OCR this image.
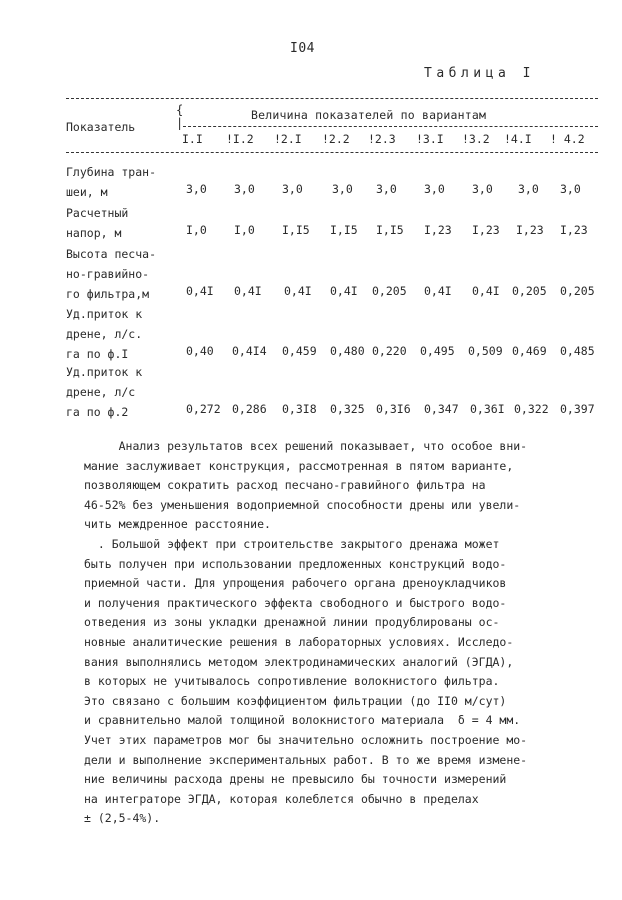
I04
Таблица I
Показатель
{
|
Величина показателей по вариантам
I.I !I.2 !2.I !2.2 !2.3 !3.I !3.2 !4.I ! 4.2
Глубина тран-
шеи, м	3,0 3,0 3,0	3,0 3,0 3,0 3,0 3,0 3,0
Расчетный
напор, м	I,0 I,0 I,I5 I,I5 I,I5 I,23 I,23 I,23 I,23
Высота песча-
но-гравийно-
го фильтра,м	0,4I 0,4I 0,4I 0,4I 0,205 0,4I 0,4I 0,205 0,205
Уд.приток к
дрене, л/с.
га по ф.I	0,40 0,4I4 0,459 0,480 0,220 0,495 0,509 0,469 0,485
Уд.приток к
дрене, л/с
га по ф.2	0,272 0,286 0,3I8 0,325 0,3I6 0,347 0,36I 0,322 0,397
Анализ результатов всех решений показывает, что особое вни-
мание заслуживает конструкция, рассмотренная в пятом варианте,
позволяющем сократить расход песчано-гравийного фильтра на
46-52% без уменьшения водоприемной способности дрены или увели-
чить междренное расстояние.
. Большой эффект при строительстве закрытого дренажа может
быть получен при использовании предложенных конструкций водо-
приемной части. Для упрощения рабочего органа дреноукладчиков
и получения практического эффекта свободного и быстрого водо-
отведения из зоны укладки дренажной линии продублированы ос-
новные аналитические решения в лабораторных условиях. Исследо-
вания выполнялись методом электродинамических аналогий (ЭГДА),
в которых не учитывалось сопротивление волокнистого фильтра.
Это связано с большим коэффициентом фильтрации (до II0 м/сут)
и сравнительно малой толщиной волокнистого материала  δ = 4 мм.
Учет этих параметров мог бы значительно осложнить построение мо-
дели и выполнение экспериментальных работ. В то же время измене-
ние величины расхода дрены не превысило бы точности измерений
на интеграторе ЭГДА, которая колеблется обычно в пределах
± (2,5-4%).
